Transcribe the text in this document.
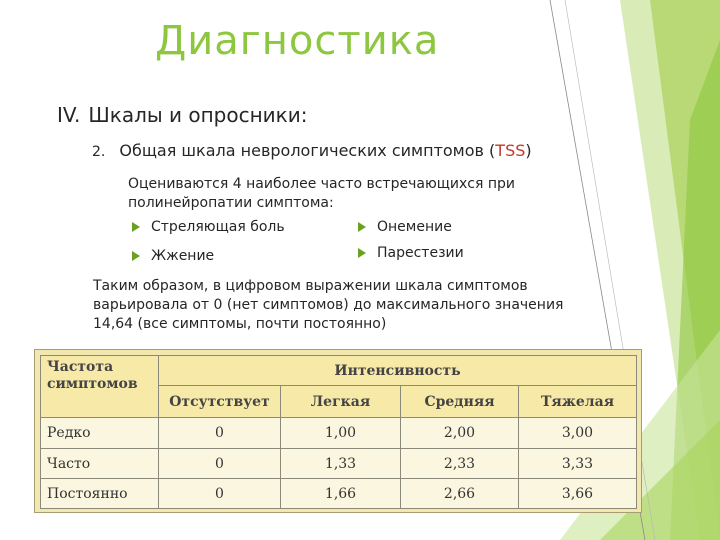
Диагностика
IV. Шкалы и опросники:
2. Общая шкала неврологических симптомов (TSS)
Оцениваются 4 наиболее часто встречающихся при полинейропатии симптома:
Стреляющая боль
Жжение
Онемение
Парестезии
Таким образом, в цифровом выражении шкала симптомов варьировала от 0 (нет симптомов) до максимального значения 14,64 (все симптомы, почти постоянно)
Частота симптомов	Интенсивность			
	Отсутствует	Легкая	Средняя	Тяжелая
Редко	0	1,00	2,00	3,00
Часто	0	1,33	2,33	3,33
Постоянно	0	1,66	2,66	3,66
